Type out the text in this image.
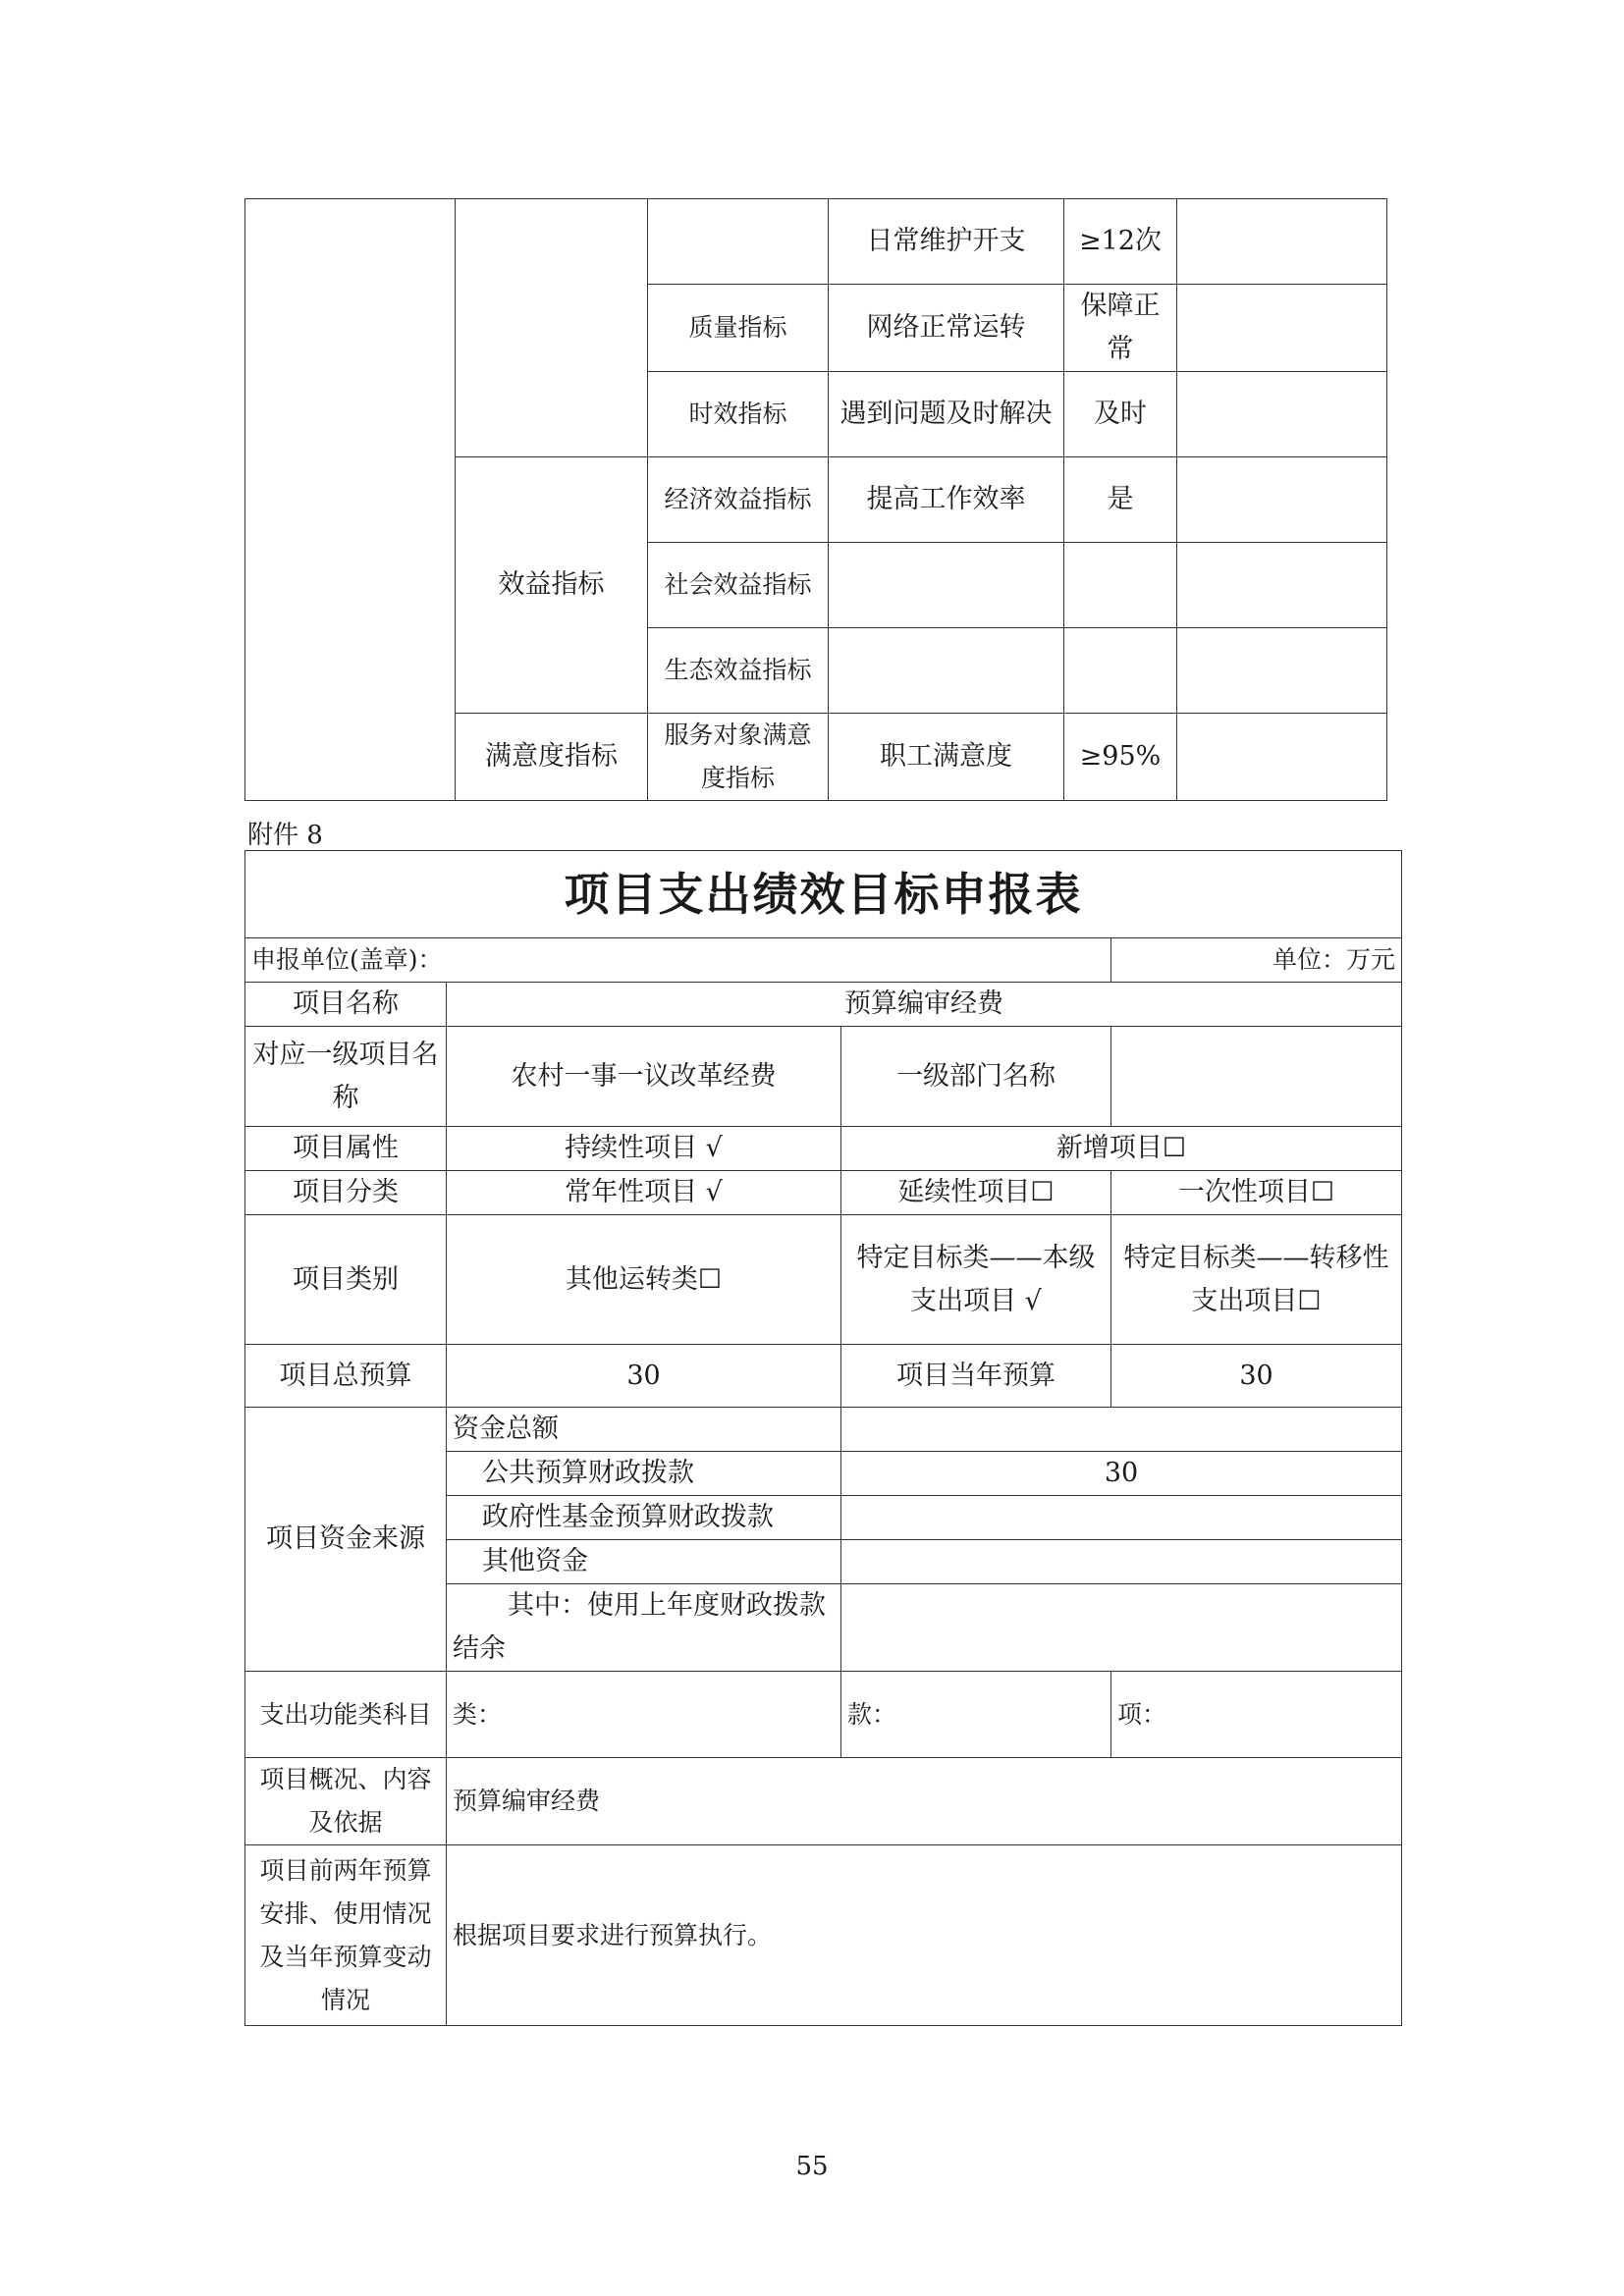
			日常维护开支	≥12次	
		质量指标	网络正常运转	保障正常	
		时效指标	遇到问题及时解决	及时	
	效益指标	经济效益指标	提高工作效率	是	
		社会效益指标			
		生态效益指标			
	满意度指标	服务对象满意度指标	职工满意度	≥95%	
附件 8
项目支出绩效目标申报表			
申报单位(盖章)：			单位：万元
项目名称	预算编审经费		
对应一级项目名称	农村一事一议改革经费	一级部门名称	
项目属性	持续性项目 √	新增项目☐	
项目分类	常年性项目 √	延续性项目☐	一次性项目☐
项目类别	其他运转类☐	特定目标类——本级支出项目 √	特定目标类——转移性支出项目☐
项目总预算	30	项目当年预算	30
项目资金来源	资金总额		
	公共预算财政拨款	30	
	政府性基金预算财政拨款		
	其他资金		
	其中：使用上年度财政拨款结余		
支出功能类科目	类：	款：	项：
项目概况、内容及依据	预算编审经费		
项目前两年预算安排、使用情况及当年预算变动情况	根据项目要求进行预算执行。		
55
